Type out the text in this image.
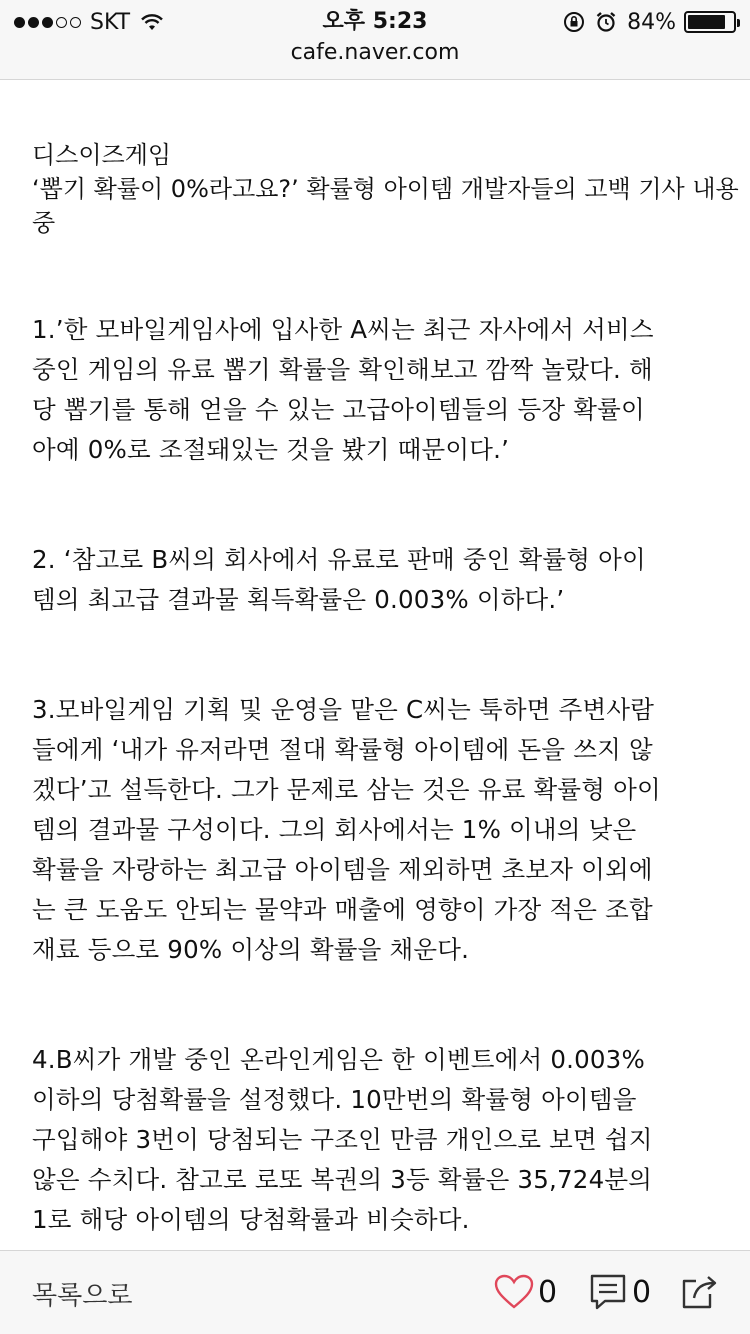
SKT	오후 5:23	84%
cafe.naver.com

디스이즈게임

‘뽑기 확률이 0%라고요?’ 확률형 아이템 개발자들의 고백 기사 내용

중

1.’한 모바일게임사에 입사한 A씨는 최근 자사에서 서비스

중인 게임의 유료 뽑기 확률을 확인해보고 깜짝 놀랐다. 해

당 뽑기를 통해 얻을 수 있는 고급아이템들의 등장 확률이

아예 0%로 조절돼있는 것을 봤기 때문이다.’

2. ‘참고로 B씨의 회사에서 유료로 판매 중인 확률형 아이

템의 최고급 결과물 획득확률은 0.003% 이하다.’

3.모바일게임 기획 및 운영을 맡은 C씨는 툭하면 주변사람

들에게 ‘내가 유저라면 절대 확률형 아이템에 돈을 쓰지 않

겠다’고 설득한다. 그가 문제로 삼는 것은 유료 확률형 아이

템의 결과물 구성이다. 그의 회사에서는 1% 이내의 낮은

확률을 자랑하는 최고급 아이템을 제외하면 초보자 이외에

는 큰 도움도 안되는 물약과 매출에 영향이 가장 적은 조합

재료 등으로 90% 이상의 확률을 채운다.

4.B씨가 개발 중인 온라인게임은 한 이벤트에서 0.003%

이하의 당첨확률을 설정했다. 10만번의 확률형 아이템을

구입해야 3번이 당첨되는 구조인 만큼 개인으로 보면 쉽지

않은 수치다. 참고로 로또 복권의 3등 확률은 35,724분의

1로 해당 아이템의 당첨확률과 비슷하다.

목록으로	0 0
